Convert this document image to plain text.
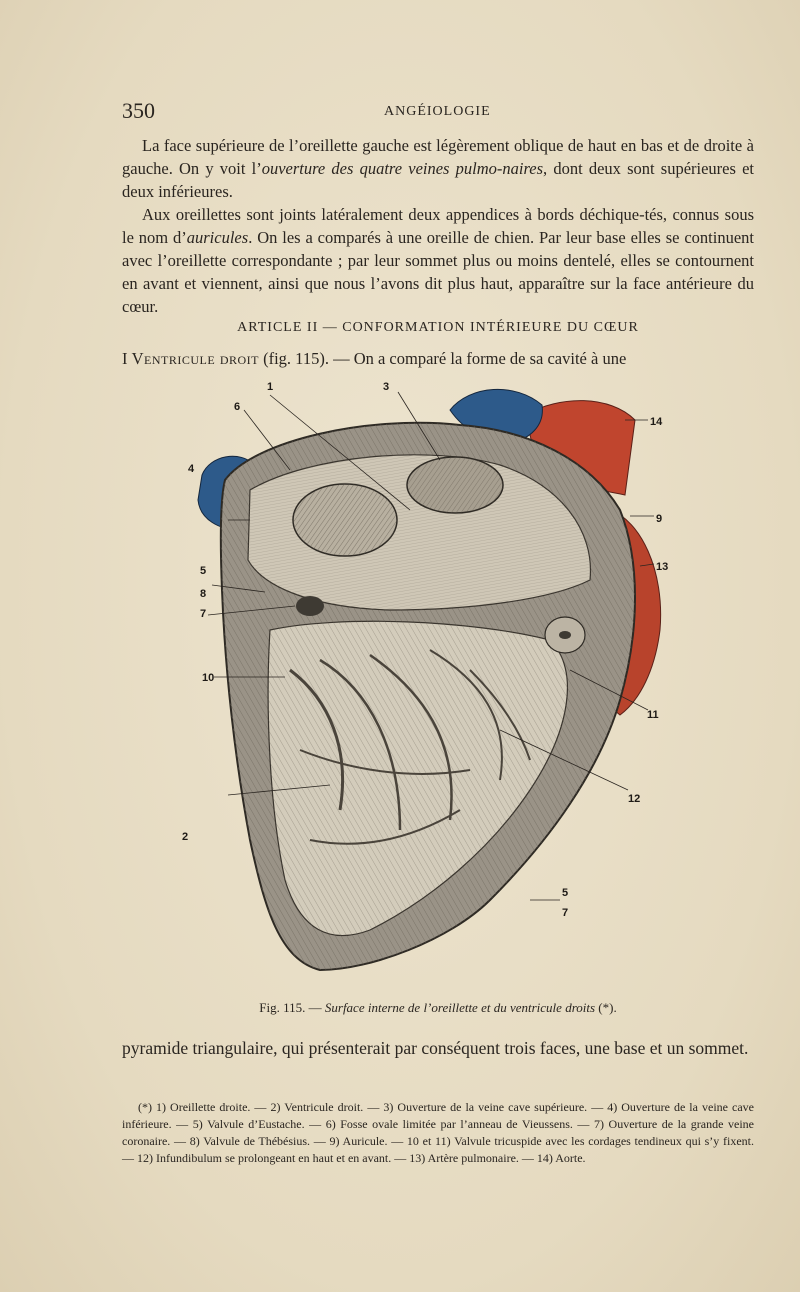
350	ANGÉIOLOGIE

La face supérieure de l’oreillette gauche est légèrement oblique de haut en bas et de droite à gauche. On y voit l’ouverture des quatre veines pulmo-naires, dont deux sont supérieures et deux inférieures.

Aux oreillettes sont joints latéralement deux appendices à bords déchique-tés, connus sous le nom d’auricules. On les a comparés à une oreille de chien. Par leur base elles se continuent avec l’oreillette correspondante ; par leur sommet plus ou moins dentelé, elles se contournent en avant et viennent, ainsi que nous l’avons dit plus haut, apparaître sur la face antérieure du cœur.

ARTICLE II — CONFORMATION INTÉRIEURE DU CŒUR

I Ventricule droit (fig. 115). — On a comparé la forme de sa cavité à une

1
2
3
4
5
6
7
8
9
10
11
12
13
14
5
7
Fig. 115. — Surface interne de l’oreillette et du ventricule droits (*).

pyramide triangulaire, qui présenterait par conséquent trois faces, une base et un sommet.

(*) 1) Oreillette droite. — 2) Ventricule droit. — 3) Ouverture de la veine cave supérieure. — 4) Ouverture de la veine cave inférieure. — 5) Valvule d’Eustache. — 6) Fosse ovale limitée par l’anneau de Vieussens. — 7) Ouverture de la grande veine coronaire. — 8) Valvule de Thébésius. — 9) Auricule. — 10 et 11) Valvule tricuspide avec les cordages tendineux qui s’y fixent. — 12) Infundibulum se prolongeant en haut et en avant. — 13) Artère pulmonaire. — 14) Aorte.
